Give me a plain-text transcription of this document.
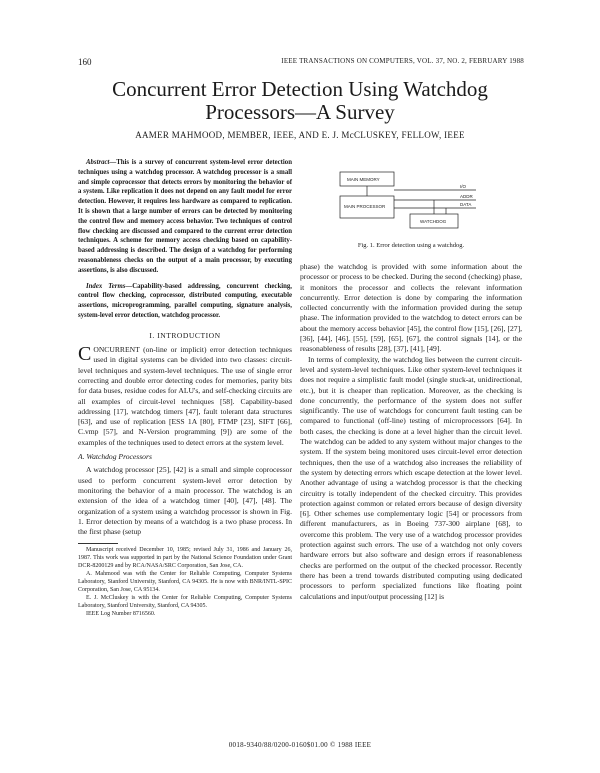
160	IEEE TRANSACTIONS ON COMPUTERS, VOL. 37, NO. 2, FEBRUARY 1988
Concurrent Error Detection Using Watchdog
Processors—A Survey
AAMER MAHMOOD, MEMBER, IEEE, AND E. J. McCLUSKEY, FELLOW, IEEE

Abstract—This is a survey of concurrent system-level error detection techniques using a watchdog processor. A watchdog processor is a small and simple coprocessor that detects errors by monitoring the behavior of a system. Like replication it does not depend on any fault model for error detection. However, it requires less hardware as compared to replication. It is shown that a large number of errors can be detected by monitoring the control flow and memory access behavior. Two techniques of control flow checking are discussed and compared to the current error detection techniques. A scheme for memory access checking based on capability-based addressing is described. The design of a watchdog for performing reasonableness checks on the output of a main processor, by executing assertions, is also discussed.

Index Terms—Capability-based addressing, concurrent checking, control flow checking, coprocessor, distributed computing, executable assertions, microprogramming, parallel computing, signature analysis, system-level error detection, watchdog processor.

I. INTRODUCTION

CONCURRENT (on-line or implicit) error detection techniques used in digital systems can be divided into two classes: circuit-level techniques and system-level techniques. The use of single error correcting and double error detecting codes for memories, parity bits for data buses, residue codes for ALU's, and self-checking circuits are all examples of circuit-level techniques [58]. Capability-based addressing [17], watchdog timers [47], fault tolerant data structures [63], and use of replication [ESS 1A [80], FTMP [23], SIFT [66], C.vmp [57], and N-Version programming [9]) are some of the examples of the techniques used to detect errors at the system level.

A. Watchdog Processors

A watchdog processor [25], [42] is a small and simple coprocessor used to perform concurrent system-level error detection by monitoring the behavior of a main processor. The watchdog is an extension of the idea of a watchdog timer [40], [47], [48]. The organization of a system using a watchdog processor is shown in Fig. 1. Error detection by means of a watchdog is a two phase process. In the first phase (setup

Manuscript received December 10, 1985; revised July 31, 1986 and January 26, 1987. This work was supported in part by the National Science Foundation under Grant DCR-8200129 and by RCA/NASA/SRC Corporation, San Jose, CA.

A. Mahmood was with the Center for Reliable Computing, Computer Systems Laboratory, Stanford University, Stanford, CA 94305. He is now with BNR/INTL-SPIC Corporation, San Jose, CA 95134.

E. J. McCluskey is with the Center for Reliable Computing, Computer Systems Laboratory, Stanford University, Stanford, CA 94305.

IEEE Log Number 8716560.

MAIN MEMORY
MAIN PROCESSOR
WATCHDOG
I/O
ADDR
DATA
Fig. 1. Error detection using a watchdog.

phase) the watchdog is provided with some information about the processor or process to be checked. During the second (checking) phase, it monitors the processor and collects the relevant information concurrently. Error detection is done by comparing the information collected concurrently with the information provided during the setup phase. The information provided to the watchdog to detect errors can be about the memory access behavior [45], the control flow [15], [26], [27], [36], [44], [46], [55], [59], [65], [67], the control signals [14], or the reasonableness of results [28], [37], [41], [49].

In terms of complexity, the watchdog lies between the current circuit-level and system-level techniques. Like other system-level techniques it does not require a simplistic fault model (single stuck-at, unidirectional, etc.), but it is cheaper than replication. Moreover, as the checking is done concurrently, the performance of the system does not suffer significantly. The use of watchdogs for concurrent fault testing can be compared to functional (off-line) testing of microprocessors [64]. In both cases, the checking is done at a level higher than the circuit level. The watchdog can be added to any system without major changes to the system. If the system being monitored uses circuit-level error detection techniques, then the use of a watchdog also increases the reliability of the system by detecting errors which escape detection at the lower level. Another advantage of using a watchdog processor is that the checking circuitry is totally independent of the checked circuitry. This provides protection against common or related errors because of design diversity [6]. Other schemes use complementary logic [54] or processors from different manufacturers, as in Boeing 737-300 airplane [68], to overcome this problem. The very use of a watchdog processor provides protection against such errors. The use of a watchdog not only covers hardware errors but also software and design errors if reasonableness checks are performed on the output of the checked processor. Recently there has been a trend towards distributed computing using dedicated processors to perform specialized functions like floating point calculations and input/output processing [12] is

0018-9340/88/0200-0160$01.00 © 1988 IEEE
